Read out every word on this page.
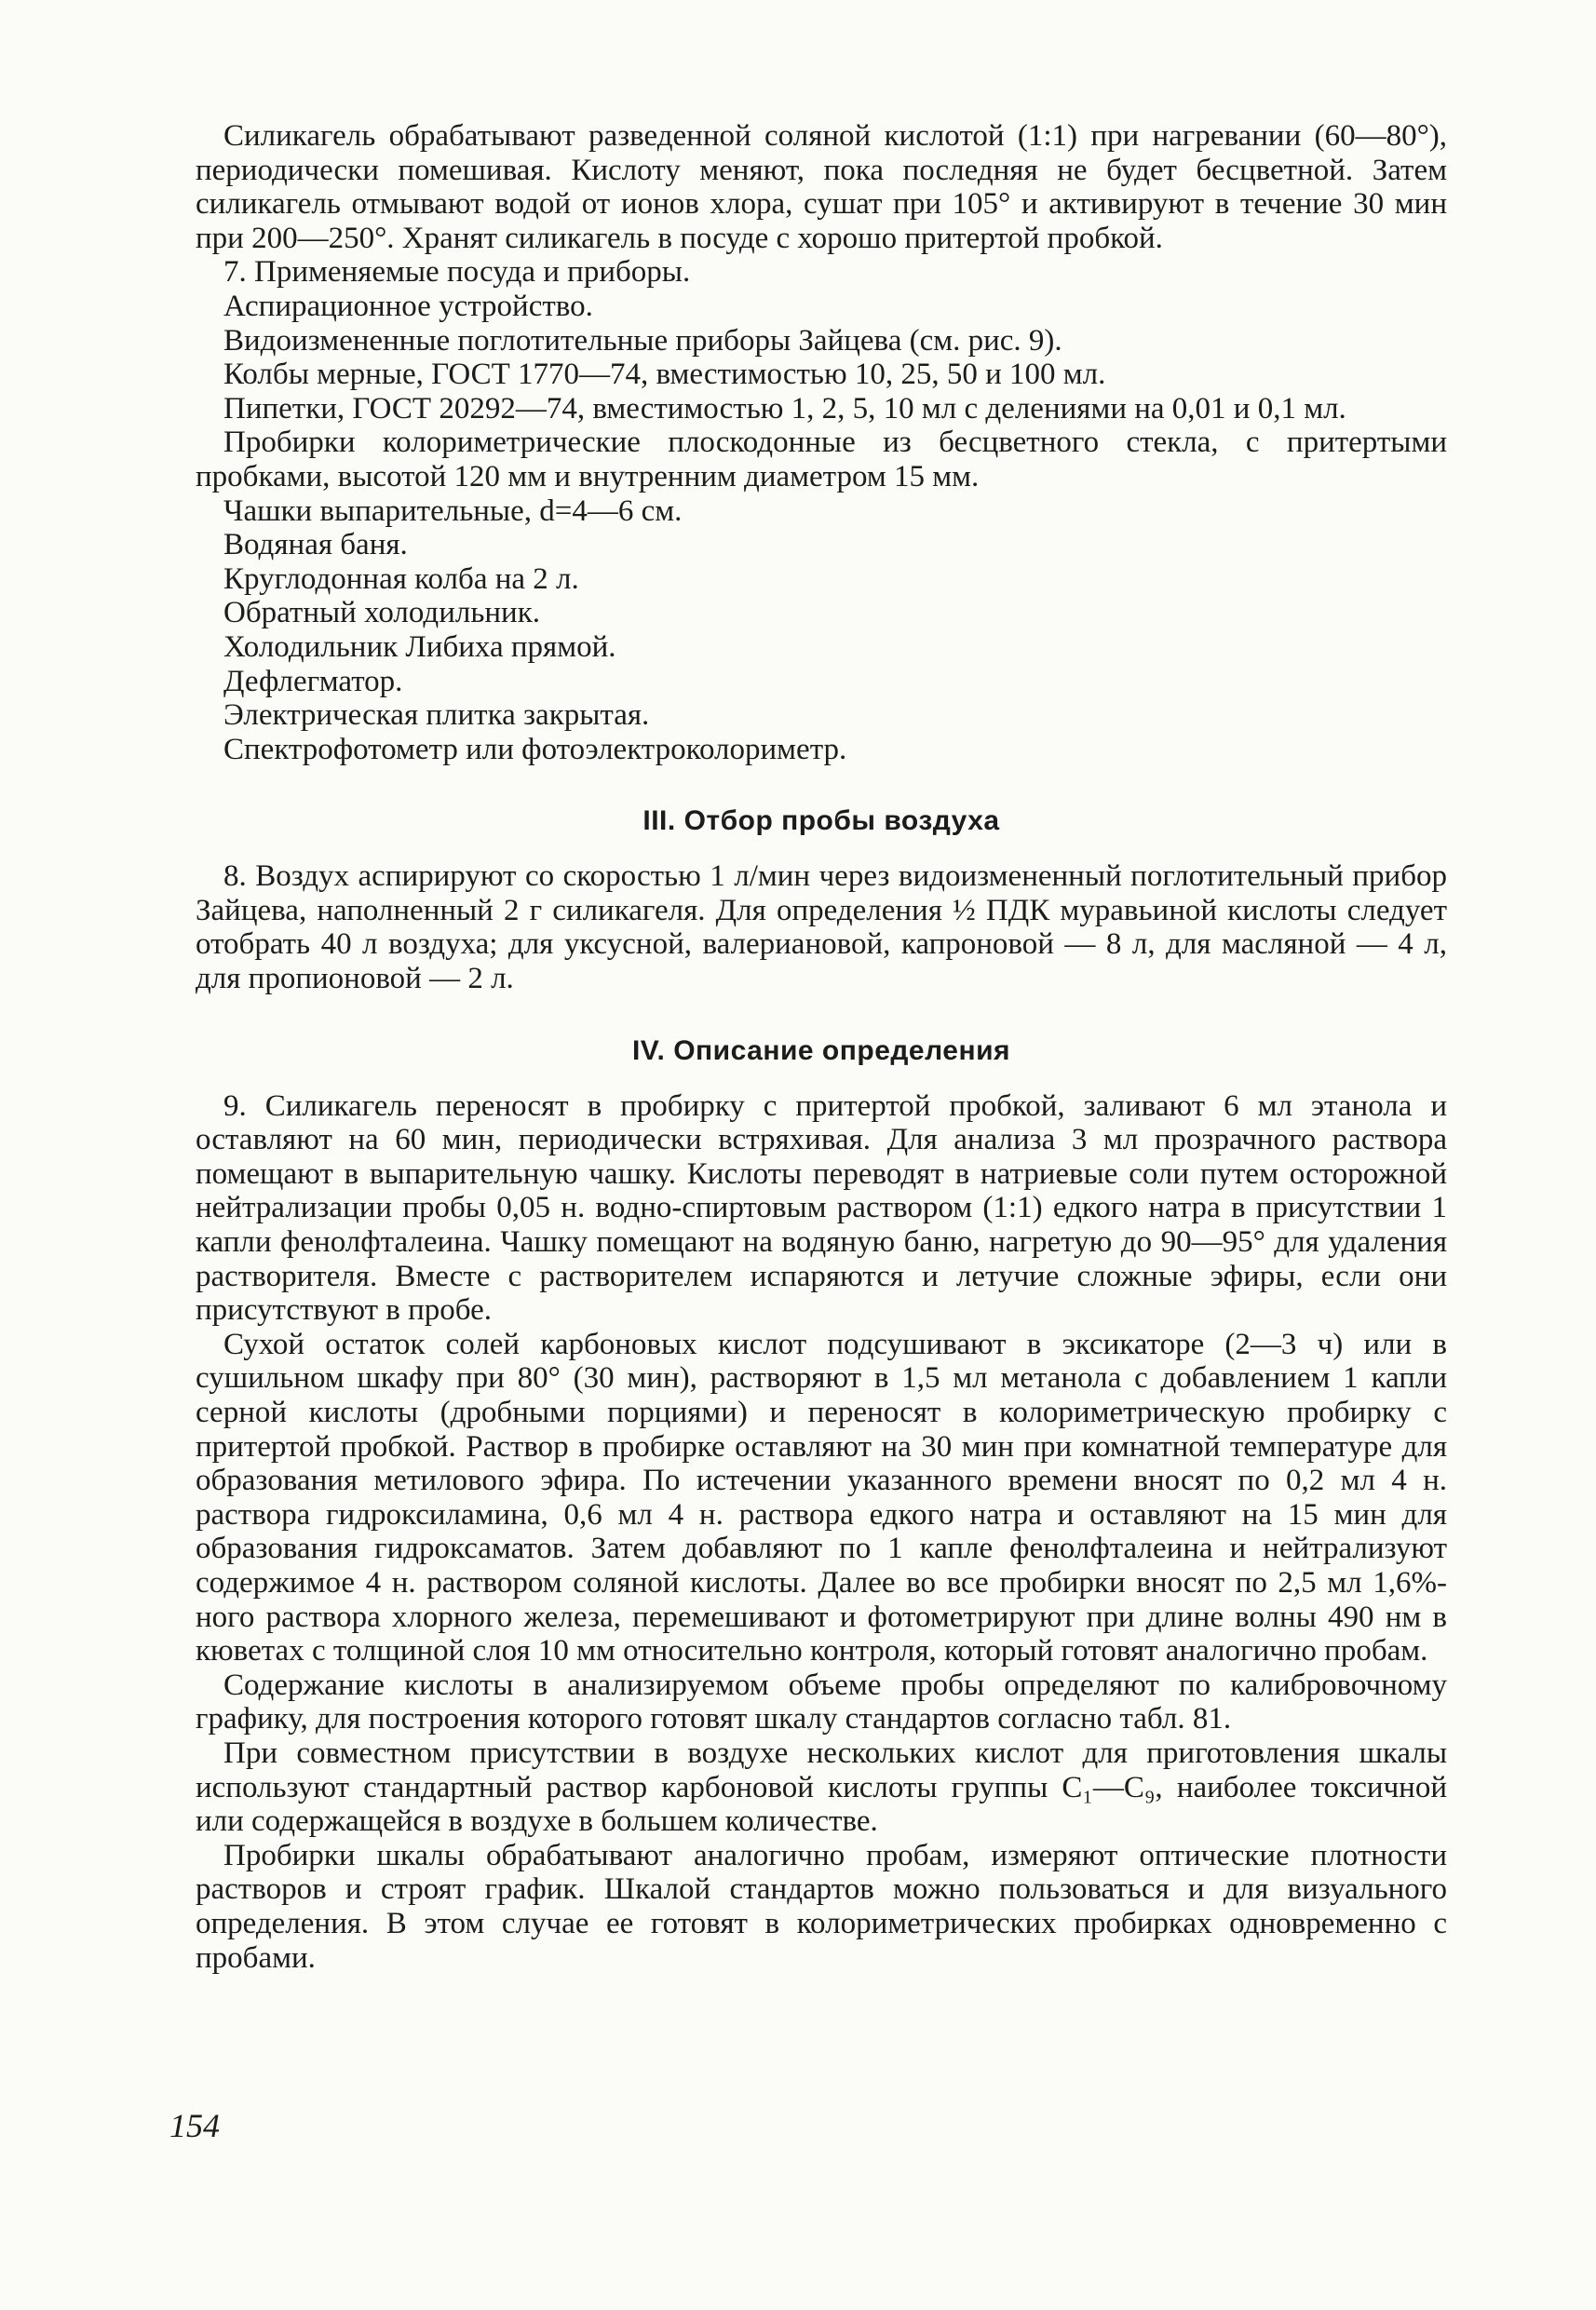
Силикагель обрабатывают разведенной соляной кислотой (1:1) при нагревании (60—80°), периодически помешивая. Кислоту меняют, пока последняя не будет бесцветной. Затем силикагель отмывают водой от ионов хлора, сушат при 105° и активируют в течение 30 мин при 200—250°. Хранят силикагель в посуде с хорошо притертой пробкой.

7. Применяемые посуда и приборы.

Аспирационное устройство.

Видоизмененные поглотительные приборы Зайцева (см. рис. 9).

Колбы мерные, ГОСТ 1770—74, вместимостью 10, 25, 50 и 100 мл.

Пипетки, ГОСТ 20292—74, вместимостью 1, 2, 5, 10 мл с делениями на 0,01 и 0,1 мл.

Пробирки колориметрические плоскодонные из бесцветного стекла, с притертыми пробками, высотой 120 мм и внутренним диаметром 15 мм.

Чашки выпарительные, d=4—6 см.

Водяная баня.

Круглодонная колба на 2 л.

Обратный холодильник.

Холодильник Либиха прямой.

Дефлегматор.

Электрическая плитка закрытая.

Спектрофотометр или фотоэлектроколориметр.

III. Отбор пробы воздуха

8. Воздух аспирируют со скоростью 1 л/мин через видоизмененный поглотительный прибор Зайцева, наполненный 2 г силикагеля. Для определения ½ ПДК муравьиной кислоты следует отобрать 40 л воздуха; для уксусной, валериановой, капроновой — 8 л, для масляной — 4 л, для пропионовой — 2 л.

IV. Описание определения

9. Силикагель переносят в пробирку с притертой пробкой, заливают 6 мл этанола и оставляют на 60 мин, периодически встряхивая. Для анализа 3 мл прозрачного раствора помещают в выпарительную чашку. Кислоты переводят в натриевые соли путем осторожной нейтрализации пробы 0,05 н. водно-спиртовым раствором (1:1) едкого натра в присутствии 1 капли фенолфталеина. Чашку помещают на водяную баню, нагретую до 90—95° для удаления растворителя. Вместе с растворителем испаряются и летучие сложные эфиры, если они присутствуют в пробе.

Сухой остаток солей карбоновых кислот подсушивают в эксикаторе (2—3 ч) или в сушильном шкафу при 80° (30 мин), растворяют в 1,5 мл метанола с добавлением 1 капли серной кислоты (дробными порциями) и переносят в колориметрическую пробирку с притертой пробкой. Раствор в пробирке оставляют на 30 мин при комнатной температуре для образования метилового эфира. По истечении указанного времени вносят по 0,2 мл 4 н. раствора гидроксиламина, 0,6 мл 4 н. раствора едкого натра и оставляют на 15 мин для образования гидроксаматов. Затем добавляют по 1 капле фенолфталеина и нейтрализуют содержимое 4 н. раствором соляной кислоты. Далее во все пробирки вносят по 2,5 мл 1,6%-ного раствора хлорного железа, перемешивают и фотометрируют при длине волны 490 нм в кюветах с толщиной слоя 10 мм относительно контроля, который готовят аналогично пробам.

Содержание кислоты в анализируемом объеме пробы определяют по калибровочному графику, для построения которого готовят шкалу стандартов согласно табл. 81.

При совместном присутствии в воздухе нескольких кислот для приготовления шкалы используют стандартный раствор карбоновой кислоты группы C₁—C₉, наиболее токсичной или содержащейся в воздухе в большем количестве.

Пробирки шкалы обрабатывают аналогично пробам, измеряют оптические плотности растворов и строят график. Шкалой стандартов можно пользоваться и для визуального определения. В этом случае ее готовят в колориметрических пробирках одновременно с пробами.

154
